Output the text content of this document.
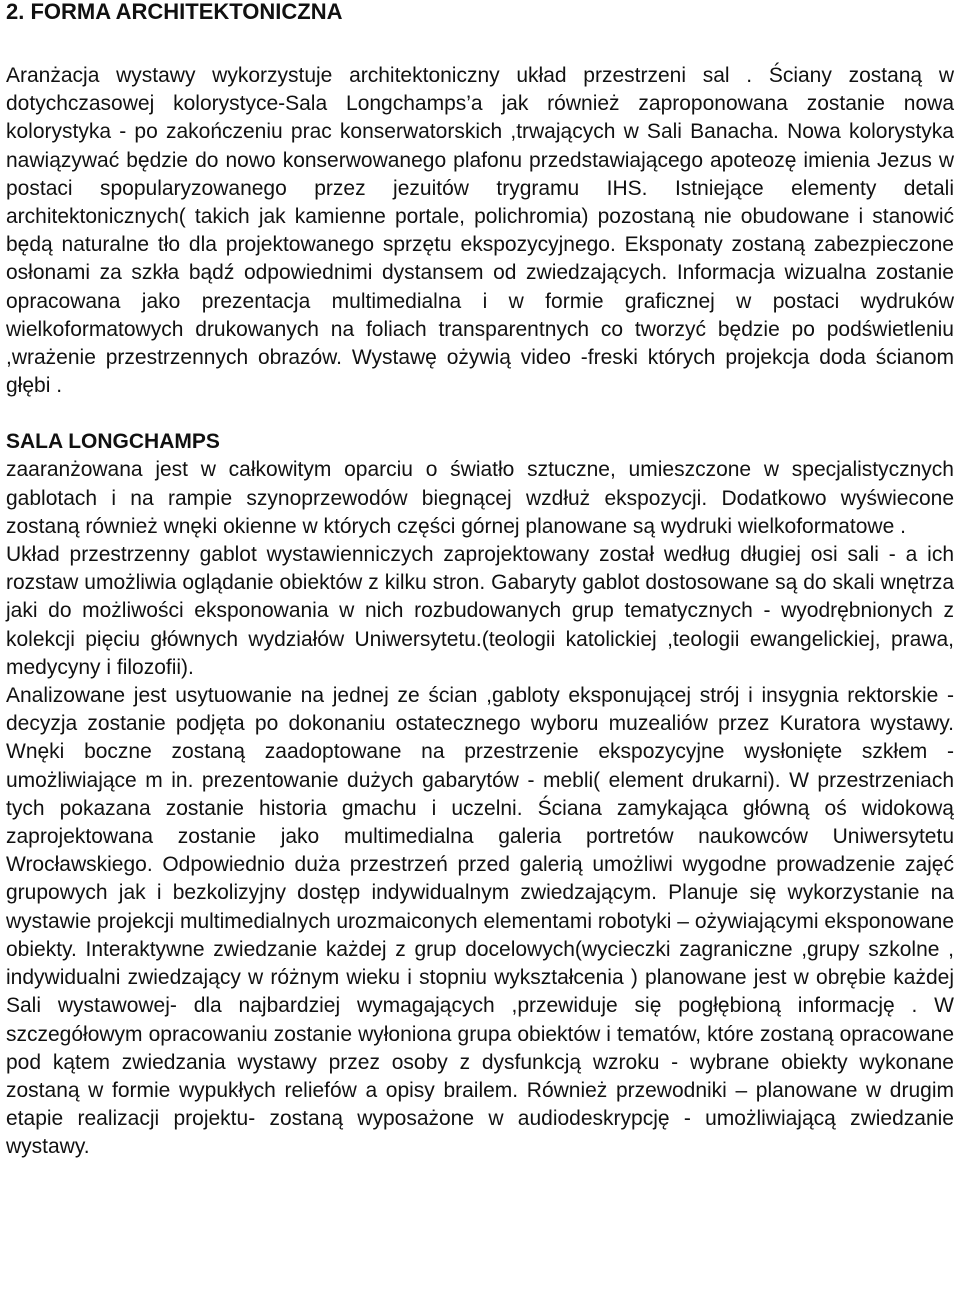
2. FORMA ARCHITEKTONICZNA

Aranżacja wystawy wykorzystuje architektoniczny układ przestrzeni sal . Ściany zostaną w dotychczasowej kolorystyce-Sala Longchamps’a jak również zaproponowana zostanie nowa kolorystyka - po zakończeniu prac konserwatorskich ,trwających w Sali Banacha. Nowa kolorystyka nawiązywać będzie do nowo konserwowanego plafonu przedstawiającego apoteozę imienia Jezus w postaci spopularyzowanego przez jezuitów trygramu IHS. Istniejące elementy detali architektonicznych( takich jak kamienne portale, polichromia) pozostaną nie obudowane i stanowić będą naturalne tło dla projektowanego sprzętu ekspozycyjnego. Eksponaty zostaną zabezpieczone osłonami za szkła bądź odpowiednimi dystansem od zwiedzających. Informacja wizualna zostanie opracowana jako prezentacja multimedialna i w formie graficznej w postaci wydruków wielkoformatowych drukowanych na foliach transparentnych co tworzyć będzie po podświetleniu ,wrażenie przestrzennych obrazów. Wystawę ożywią video -freski których projekcja doda ścianom głębi .

SALA LONGCHAMPS

zaaranżowana jest w całkowitym oparciu o światło sztuczne, umieszczone w specjalistycznych gablotach i na rampie szynoprzewodów biegnącej wzdłuż ekspozycji. Dodatkowo wyświecone zostaną również wnęki okienne w których części górnej planowane są wydruki wielkoformatowe .

Układ przestrzenny gablot wystawienniczych zaprojektowany został według długiej osi sali - a ich rozstaw umożliwia oglądanie obiektów z kilku stron. Gabaryty gablot dostosowane są do skali wnętrza jaki do możliwości eksponowania w nich rozbudowanych grup tematycznych - wyodrębnionych z kolekcji pięciu głównych wydziałów Uniwersytetu.(teologii katolickiej ,teologii ewangelickiej, prawa, medycyny i filozofii).

Analizowane jest usytuowanie na jednej ze ścian ,gabloty eksponującej strój i insygnia rektorskie - decyzja zostanie podjęta po dokonaniu ostatecznego wyboru muzealiów przez Kuratora wystawy. Wnęki boczne zostaną zaadoptowane na przestrzenie ekspozycyjne wysłonięte szkłem - umożliwiające m in. prezentowanie dużych gabarytów - mebli( element drukarni). W przestrzeniach tych pokazana zostanie historia gmachu i uczelni. Ściana zamykająca główną oś widokową zaprojektowana zostanie jako multimedialna galeria portretów naukowców Uniwersytetu Wrocławskiego. Odpowiednio duża przestrzeń przed galerią umożliwi wygodne prowadzenie zajęć grupowych jak i bezkolizyjny dostęp indywidualnym zwiedzającym. Planuje się wykorzystanie na wystawie projekcji multimedialnych urozmaiconych elementami robotyki – ożywiającymi eksponowane obiekty. Interaktywne zwiedzanie każdej z grup docelowych(wycieczki zagraniczne ,grupy szkolne , indywidualni zwiedzający w różnym wieku i stopniu wykształcenia ) planowane jest w obrębie każdej Sali wystawowej- dla najbardziej wymagających ,przewiduje się pogłębioną informację . W szczegółowym opracowaniu zostanie wyłoniona grupa obiektów i tematów, które zostaną opracowane pod kątem zwiedzania wystawy przez osoby z dysfunkcją wzroku - wybrane obiekty wykonane zostaną w formie wypukłych reliefów a opisy brailem. Również przewodniki – planowane w drugim etapie realizacji projektu- zostaną wyposażone w audiodeskrypcję - umożliwiającą zwiedzanie wystawy.
